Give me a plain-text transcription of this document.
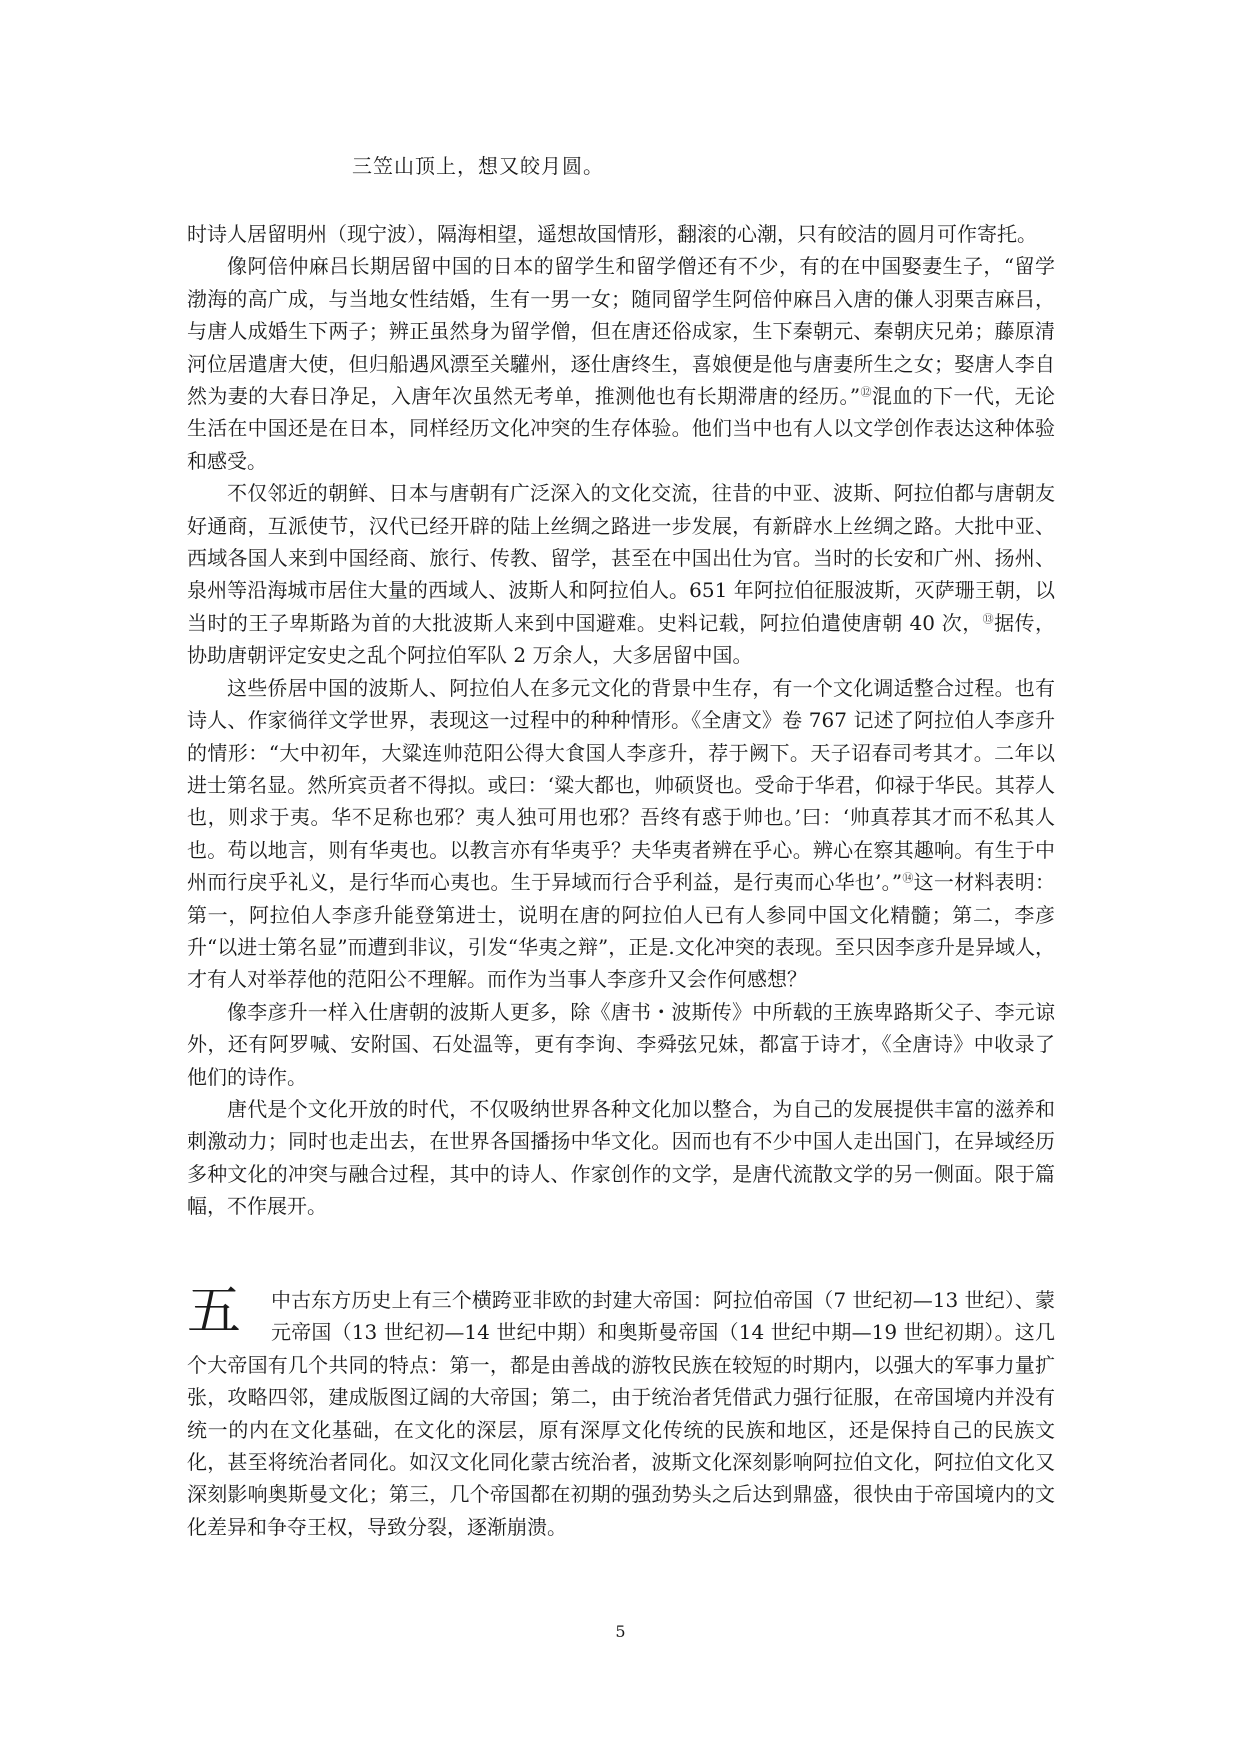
三笠山顶上，想又皎月圆。

时诗人居留明州（现宁波），隔海相望，遥想故国情形，翻滚的心潮，只有皎洁的圆月可作寄托。

像阿倍仲麻吕长期居留中国的日本的留学生和留学僧还有不少，有的在中国娶妻生子，“留学渤海的高广成，与当地女性结婚，生有一男一女；随同留学生阿倍仲麻吕入唐的傔人羽栗吉麻吕，与唐人成婚生下两子；辨正虽然身为留学僧，但在唐还俗成家，生下秦朝元、秦朝庆兄弟；藤原清河位居遣唐大使，但归船遇风漂至关驩州，逐仕唐终生，喜娘便是他与唐妻所生之女；娶唐人李自然为妻的大春日净足，入唐年次虽然无考单，推测他也有长期滞唐的经历。”⑫混血的下一代，无论生活在中国还是在日本，同样经历文化冲突的生存体验。他们当中也有人以文学创作表达这种体验和感受。

不仅邻近的朝鲜、日本与唐朝有广泛深入的文化交流，往昔的中亚、波斯、阿拉伯都与唐朝友好通商，互派使节，汉代已经开辟的陆上丝绸之路进一步发展，有新辟水上丝绸之路。大批中亚、西域各国人来到中国经商、旅行、传教、留学，甚至在中国出仕为官。当时的长安和广州、扬州、泉州等沿海城市居住大量的西域人、波斯人和阿拉伯人。651 年阿拉伯征服波斯，灭萨珊王朝，以当时的王子卑斯路为首的大批波斯人来到中国避难。史料记载，阿拉伯遣使唐朝 40 次，⑬据传，协助唐朝评定安史之乱个阿拉伯军队 2 万余人，大多居留中国。

这些侨居中国的波斯人、阿拉伯人在多元文化的背景中生存，有一个文化调适整合过程。也有诗人、作家徜徉文学世界，表现这一过程中的种种情形。《全唐文》卷 767 记述了阿拉伯人李彦升的情形：“大中初年，大粱连帅范阳公得大食国人李彦升，荐于阙下。天子诏春司考其才。二年以进士第名显。然所宾贡者不得拟。或曰：‘粱大都也，帅硕贤也。受命于华君，仰禄于华民。其荐人也，则求于夷。华不足称也邪？夷人独可用也邪？吾终有惑于帅也。’曰：‘帅真荐其才而不私其人也。苟以地言，则有华夷也。以教言亦有华夷乎？夫华夷者辨在乎心。辨心在察其趣响。有生于中州而行戾乎礼义，是行华而心夷也。生于异域而行合乎利益，是行夷而心华也’。”⑭这一材料表明：第一，阿拉伯人李彦升能登第进士，说明在唐的阿拉伯人已有人参同中国文化精髓；第二，李彦升“以进士第名显”而遭到非议，引发“华夷之辩”，正是.文化冲突的表现。至只因李彦升是异域人，才有人对举荐他的范阳公不理解。而作为当事人李彦升又会作何感想？

像李彦升一样入仕唐朝的波斯人更多，除《唐书・波斯传》中所载的王族卑路斯父子、李元谅外，还有阿罗喊、安附国、石处温等，更有李询、李舜弦兄妹，都富于诗才，《全唐诗》中收录了他们的诗作。

唐代是个文化开放的时代，不仅吸纳世界各种文化加以整合，为自己的发展提供丰富的滋养和刺激动力；同时也走出去，在世界各国播扬中华文化。因而也有不少中国人走出国门，在异域经历多种文化的冲突与融合过程，其中的诗人、作家创作的文学，是唐代流散文学的另一侧面。限于篇幅，不作展开。

五	中古东方历史上有三个横跨亚非欧的封建大帝国：阿拉伯帝国（7 世纪初—13 世纪）、蒙元帝国（13 世纪初—14 世纪中期）和奥斯曼帝国（14 世纪中期—19 世纪初期）。这几个大帝国有几个共同的特点：第一，都是由善战的游牧民族在较短的时期内，以强大的军事力量扩张，攻略四邻，建成版图辽阔的大帝国；第二，由于统治者凭借武力强行征服，在帝国境内并没有统一的内在文化基础，在文化的深层，原有深厚文化传统的民族和地区，还是保持自己的民族文化，甚至将统治者同化。如汉文化同化蒙古统治者，波斯文化深刻影响阿拉伯文化，阿拉伯文化又深刻影响奥斯曼文化；第三，几个帝国都在初期的强劲势头之后达到鼎盛，很快由于帝国境内的文化差异和争夺王权，导致分裂，逐渐崩溃。

5
